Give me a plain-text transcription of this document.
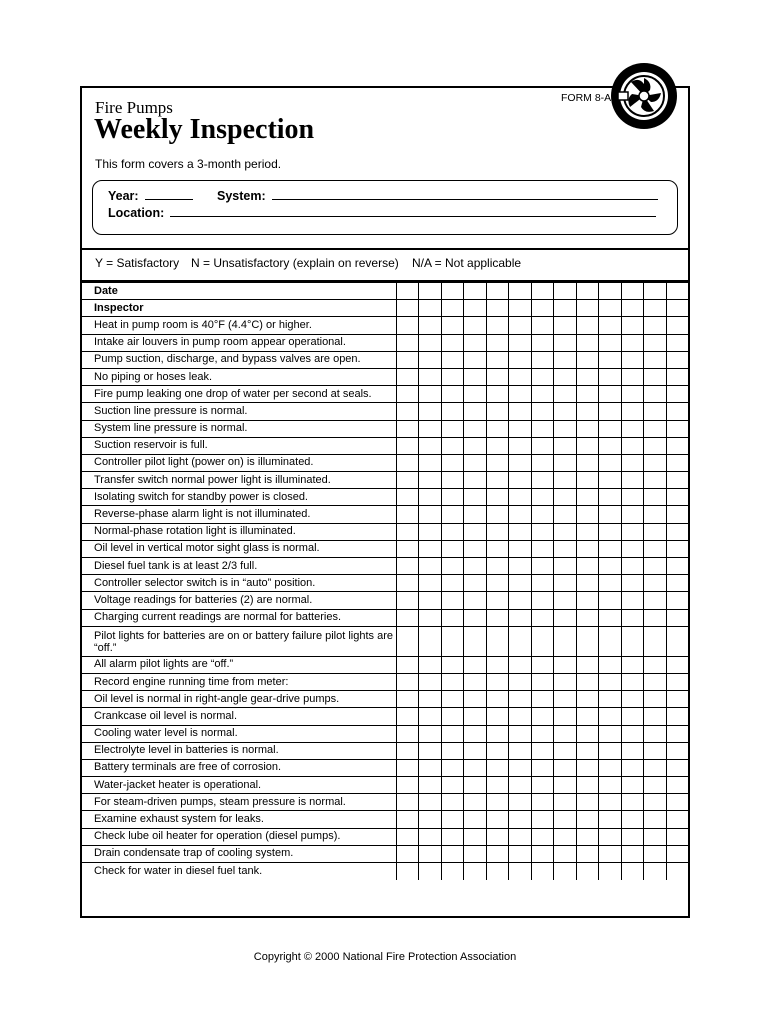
FORM 8-A
Fire Pumps
Weekly Inspection
This form covers a 3-month period.
Year:	System:
Location:
Y = Satisfactory N = Unsatisfactory (explain on reverse) N/A = Not applicable
Date													
Inspector													
Heat in pump room is 40°F (4.4°C) or higher.													
Intake air louvers in pump room appear operational.													
Pump suction, discharge, and bypass valves are open.													
No piping or hoses leak.													
Fire pump leaking one drop of water per second at seals.													
Suction line pressure is normal.													
System line pressure is normal.													
Suction reservoir is full.													
Controller pilot light (power on) is illuminated.													
Transfer switch normal power light is illuminated.													
Isolating switch for standby power is closed.													
Reverse-phase alarm light is not illuminated.													
Normal-phase rotation light is illuminated.													
Oil level in vertical motor sight glass is normal.													
Diesel fuel tank is at least 2/3 full.													
Controller selector switch is in “auto” position.													
Voltage readings for batteries (2) are normal.													
Charging current readings are normal for batteries.													
Pilot lights for batteries are on or battery failure pilot lights are “off.”													
All alarm pilot lights are “off.”													
Record engine running time from meter:													
Oil level is normal in right-angle gear-drive pumps.													
Crankcase oil level is normal.													
Cooling water level is normal.													
Electrolyte level in batteries is normal.													
Battery terminals are free of corrosion.													
Water-jacket heater is operational.													
For steam-driven pumps, steam pressure is normal.													
Examine exhaust system for leaks.													
Check lube oil heater for operation (diesel pumps).													
Drain condensate trap of cooling system.													
Check for water in diesel fuel tank.													
Copyright © 2000 National Fire Protection Association
